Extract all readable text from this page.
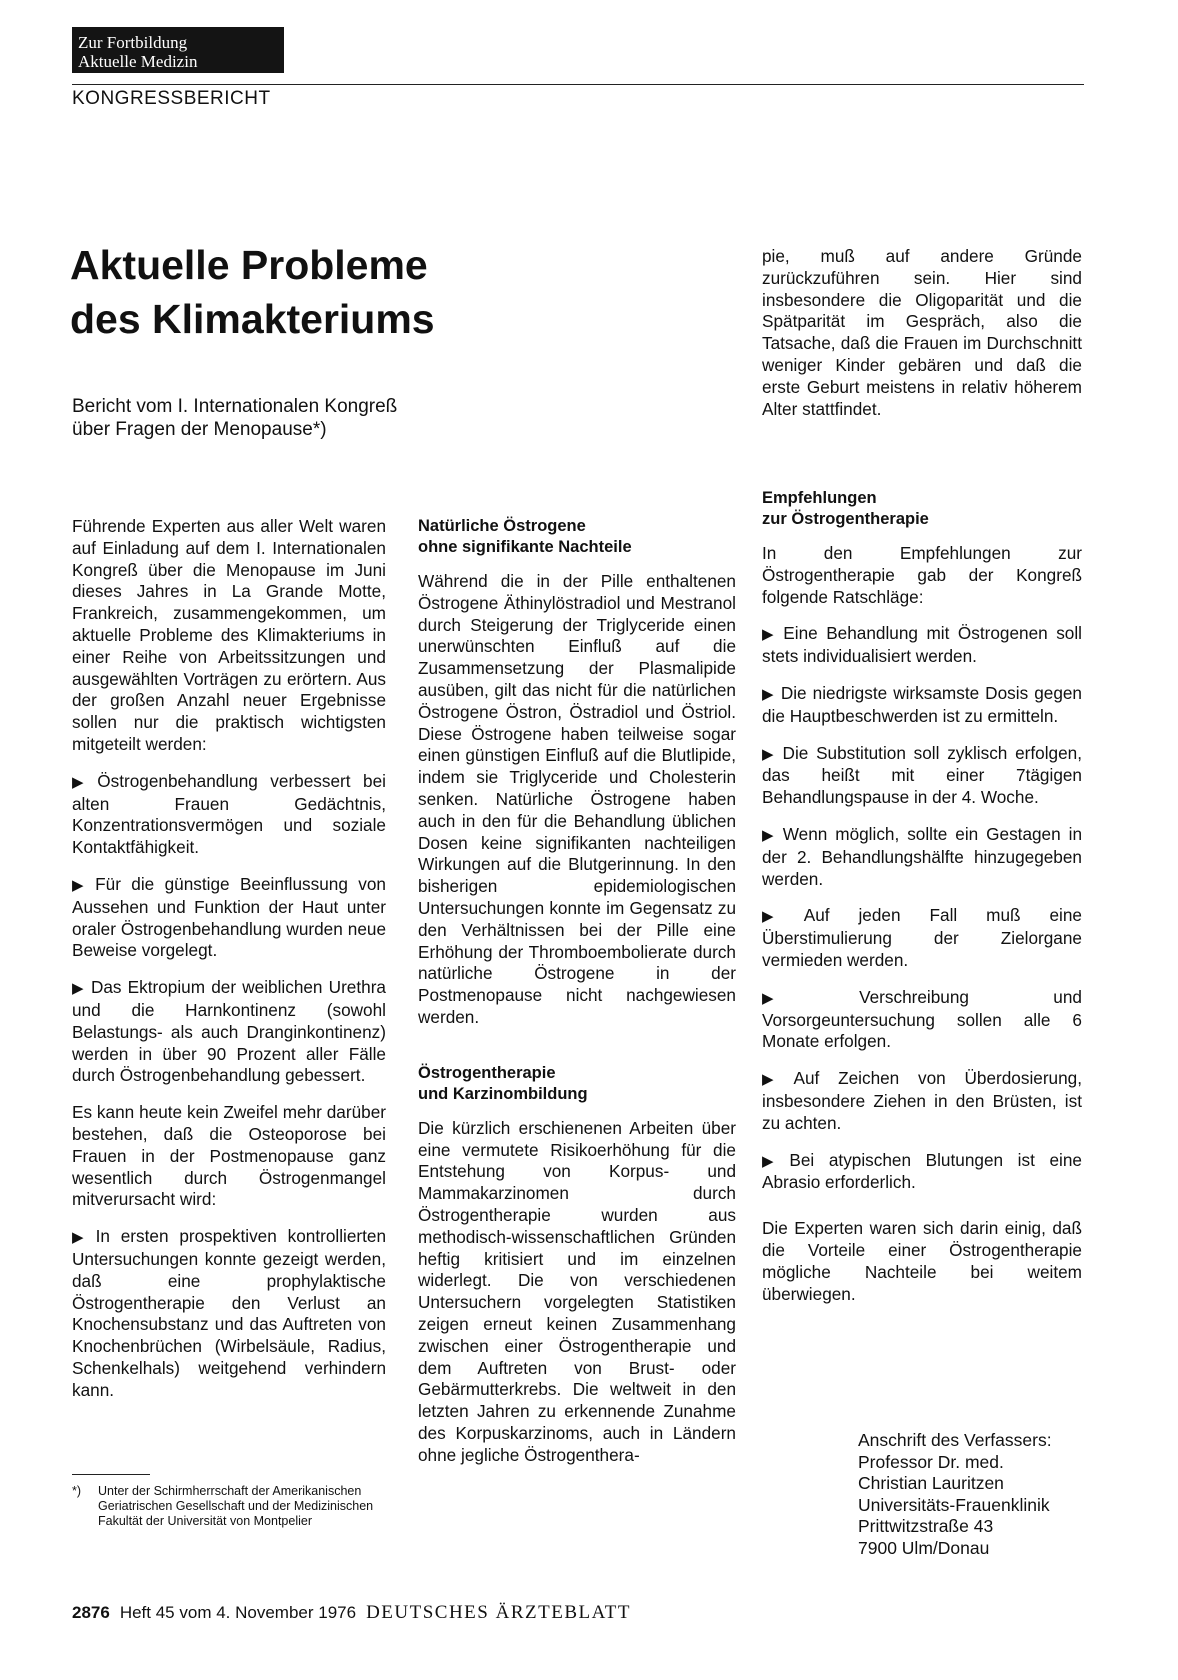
Zur Fortbildung
Aktuelle Medizin
KONGRESSBERICHT
Aktuelle Probleme
des Klimakteriums
Bericht vom I. Internationalen Kongreß
über Fragen der Menopause*)

Führende Experten aus aller Welt waren auf Einladung auf dem I. Internationalen Kongreß über die Menopause im Juni dieses Jahres in La Grande Motte, Frankreich, zusammengekommen, um aktuelle Probleme des Klimakteriums in einer Reihe von Arbeitssitzungen und ausgewählten Vorträgen zu erörtern. Aus der großen Anzahl neuer Ergebnisse sollen nur die praktisch wichtigsten mitgeteilt werden:

▶ Östrogenbehandlung verbessert bei alten Frauen Gedächtnis, Konzentrationsvermögen und soziale Kontaktfähigkeit.

▶ Für die günstige Beeinflussung von Aussehen und Funktion der Haut unter oraler Östrogenbehandlung wurden neue Beweise vorgelegt.

▶ Das Ektropium der weiblichen Urethra und die Harnkontinenz (sowohl Belastungs- als auch Dranginkontinenz) werden in über 90 Prozent aller Fälle durch Östrogenbehandlung gebessert.

Es kann heute kein Zweifel mehr darüber bestehen, daß die Osteoporose bei Frauen in der Postmenopause ganz wesentlich durch Östrogenmangel mitverursacht wird:

▶ In ersten prospektiven kontrollierten Untersuchungen konnte gezeigt werden, daß eine prophylaktische Östrogentherapie den Verlust an Knochensubstanz und das Auftreten von Knochenbrüchen (Wirbelsäule, Radius, Schenkelhals) weitgehend verhindern kann.

*)	Unter der Schirmherrschaft der Amerikanischen Geriatrischen Gesellschaft und der Medizinischen Fakultät der Universität von Montpelier
Natürliche Östrogene
ohne signifikante Nachteile

Während die in der Pille enthaltenen Östrogene Äthinylöstradiol und Mestranol durch Steigerung der Triglyceride einen unerwünschten Einfluß auf die Zusammensetzung der Plasmalipide ausüben, gilt das nicht für die natürlichen Östrogene Östron, Östradiol und Östriol. Diese Östrogene haben teilweise sogar einen günstigen Einfluß auf die Blutlipide, indem sie Triglyceride und Cholesterin senken. Natürliche Östrogene haben auch in den für die Behandlung üblichen Dosen keine signifikanten nachteiligen Wirkungen auf die Blutgerinnung. In den bisherigen epidemiologischen Untersuchungen konnte im Gegensatz zu den Verhältnissen bei der Pille eine Erhöhung der Thromboembolierate durch natürliche Östrogene in der Postmenopause nicht nachgewiesen werden.

Östrogentherapie
und Karzinombildung

Die kürzlich erschienenen Arbeiten über eine vermutete Risikoerhöhung für die Entstehung von Korpus- und Mammakarzinomen durch Östrogentherapie wurden aus methodisch-wissenschaftlichen Gründen heftig kritisiert und im einzelnen widerlegt. Die von verschiedenen Untersuchern vorgelegten Statistiken zeigen erneut keinen Zusammenhang zwischen einer Östrogentherapie und dem Auftreten von Brust- oder Gebärmutterkrebs. Die weltweit in den letzten Jahren zu erkennende Zunahme des Korpuskarzinoms, auch in Ländern ohne jegliche Östrogenthera-

pie, muß auf andere Gründe zurückzuführen sein. Hier sind insbesondere die Oligoparität und die Spätparität im Gespräch, also die Tatsache, daß die Frauen im Durchschnitt weniger Kinder gebären und daß die erste Geburt meistens in relativ höherem Alter stattfindet.

Empfehlungen
zur Östrogentherapie

In den Empfehlungen zur Östrogentherapie gab der Kongreß folgende Ratschläge:

▶ Eine Behandlung mit Östrogenen soll stets individualisiert werden.

▶ Die niedrigste wirksamste Dosis gegen die Hauptbeschwerden ist zu ermitteln.

▶ Die Substitution soll zyklisch erfolgen, das heißt mit einer 7tägigen Behandlungspause in der 4. Woche.

▶ Wenn möglich, sollte ein Gestagen in der 2. Behandlungshälfte hinzugegeben werden.

▶ Auf jeden Fall muß eine Überstimulierung der Zielorgane vermieden werden.

▶ Verschreibung und Vorsorgeuntersuchung sollen alle 6 Monate erfolgen.

▶ Auf Zeichen von Überdosierung, insbesondere Ziehen in den Brüsten, ist zu achten.

▶ Bei atypischen Blutungen ist eine Abrasio erforderlich.

Die Experten waren sich darin einig, daß die Vorteile einer Östrogentherapie mögliche Nachteile bei weitem überwiegen.

Anschrift des Verfassers:
Professor Dr. med.
Christian Lauritzen
Universitäts-Frauenklinik
Prittwitzstraße 43
7900 Ulm/Donau
2876 Heft 45 vom 4. November 1976 DEUTSCHES ÄRZTEBLATT
